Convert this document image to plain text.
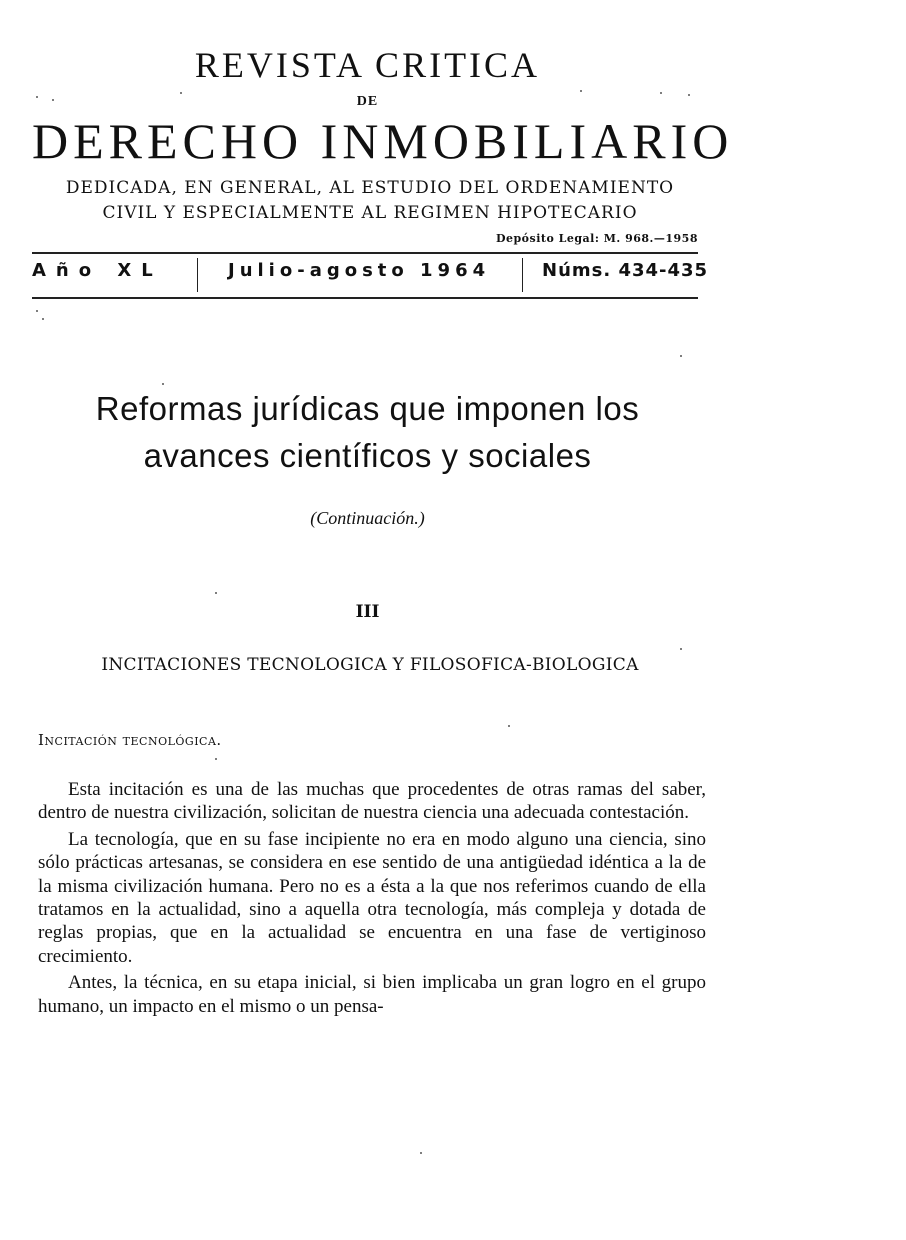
REVISTA CRITICA
DE
DERECHO INMOBILIARIO
DEDICADA, EN GENERAL, AL ESTUDIO DEL ORDENAMIENTO
CIVIL Y ESPECIALMENTE AL REGIMEN HIPOTECARIO
Depósito Legal: M. 968.—1958
Año XL	Julio-agosto 1964	Núms. 434-435
Reformas jurídicas que imponen los
avances científicos y sociales
(Continuación.)
III
INCITACIONES TECNOLOGICA Y FILOSOFICA-BIOLOGICA
Incitación tecnológica.

Esta incitación es una de las muchas que procedentes de otras ramas del saber, dentro de nuestra civilización, solicitan de nuestra ciencia una adecuada contestación.

La tecnología, que en su fase incipiente no era en modo alguno una ciencia, sino sólo prácticas artesanas, se considera en ese sentido de una antigüedad idéntica a la de la misma civilización humana. Pero no es a ésta a la que nos referimos cuando de ella tratamos en la actualidad, sino a aquella otra tecnología, más compleja y dotada de reglas propias, que en la actualidad se encuentra en una fase de vertiginoso crecimiento.

Antes, la técnica, en su etapa inicial, si bien implicaba un gran logro en el grupo humano, un impacto en el mismo o un pensa-
